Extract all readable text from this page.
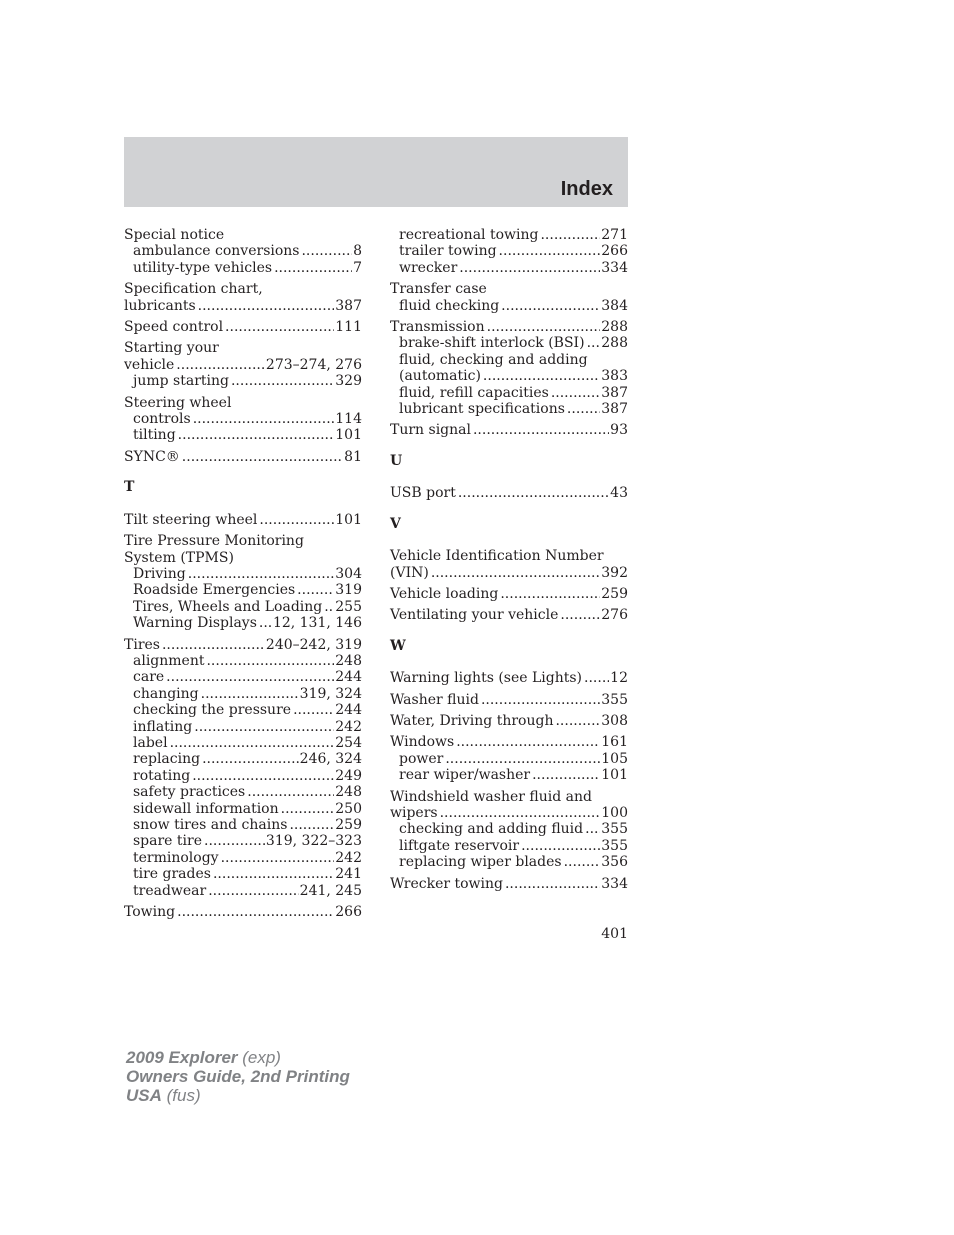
Index
Special notice
ambulance conversions .....	8
utility-type vehicles .....	7
Specification chart,
lubricants .....	387
Speed control .....	111
Starting your
vehicle .....	273–274, 276
jump starting .....	329
Steering wheel
controls .....	114
tilting .....	101
SYNC® .....	81
T
Tilt steering wheel .....	101
Tire Pressure Monitoring
System (TPMS)
Driving .....	304
Roadside Emergencies .....	319
Tires, Wheels and Loading ..... 255
Warning Displays ..... 12, 131, 146
Tires .....	240–242, 319
alignment .....	248
care .....	244
changing .....	319, 324
checking the pressure .....	244
inflating .....	242
label .....	254
replacing .....	246, 324
rotating .....	249
safety practices .....	248
sidewall information .....	250
snow tires and chains .....	259
spare tire .....	319, 322–323
terminology .....	242
tire grades .....	241
treadwear .....	241, 245
Towing .....	266
recreational towing .....	271
trailer towing .....	266
wrecker .....	334
Transfer case
fluid checking .....	384
Transmission .....	288
brake-shift interlock (BSI) ..... 288
fluid, checking and adding
(automatic) .....	383
fluid, refill capacities .....	387
lubricant specifications .....	387
Turn signal .....	93
U
USB port .....	43
V
Vehicle Identification Number
(VIN) .....	392
Vehicle loading .....	259
Ventilating your vehicle .....	276
W
Warning lights (see Lights) ..... 12
Washer fluid .....	355
Water, Driving through .....	308
Windows .....	161
power .....	105
rear wiper/washer .....	101
Windshield washer fluid and
wipers .....	100
checking and adding fluid ..... 355
liftgate reservoir .....	355
replacing wiper blades .....	356
Wrecker towing .....	334
401
2009 Explorer (exp)
Owners Guide, 2nd Printing
USA (fus)
